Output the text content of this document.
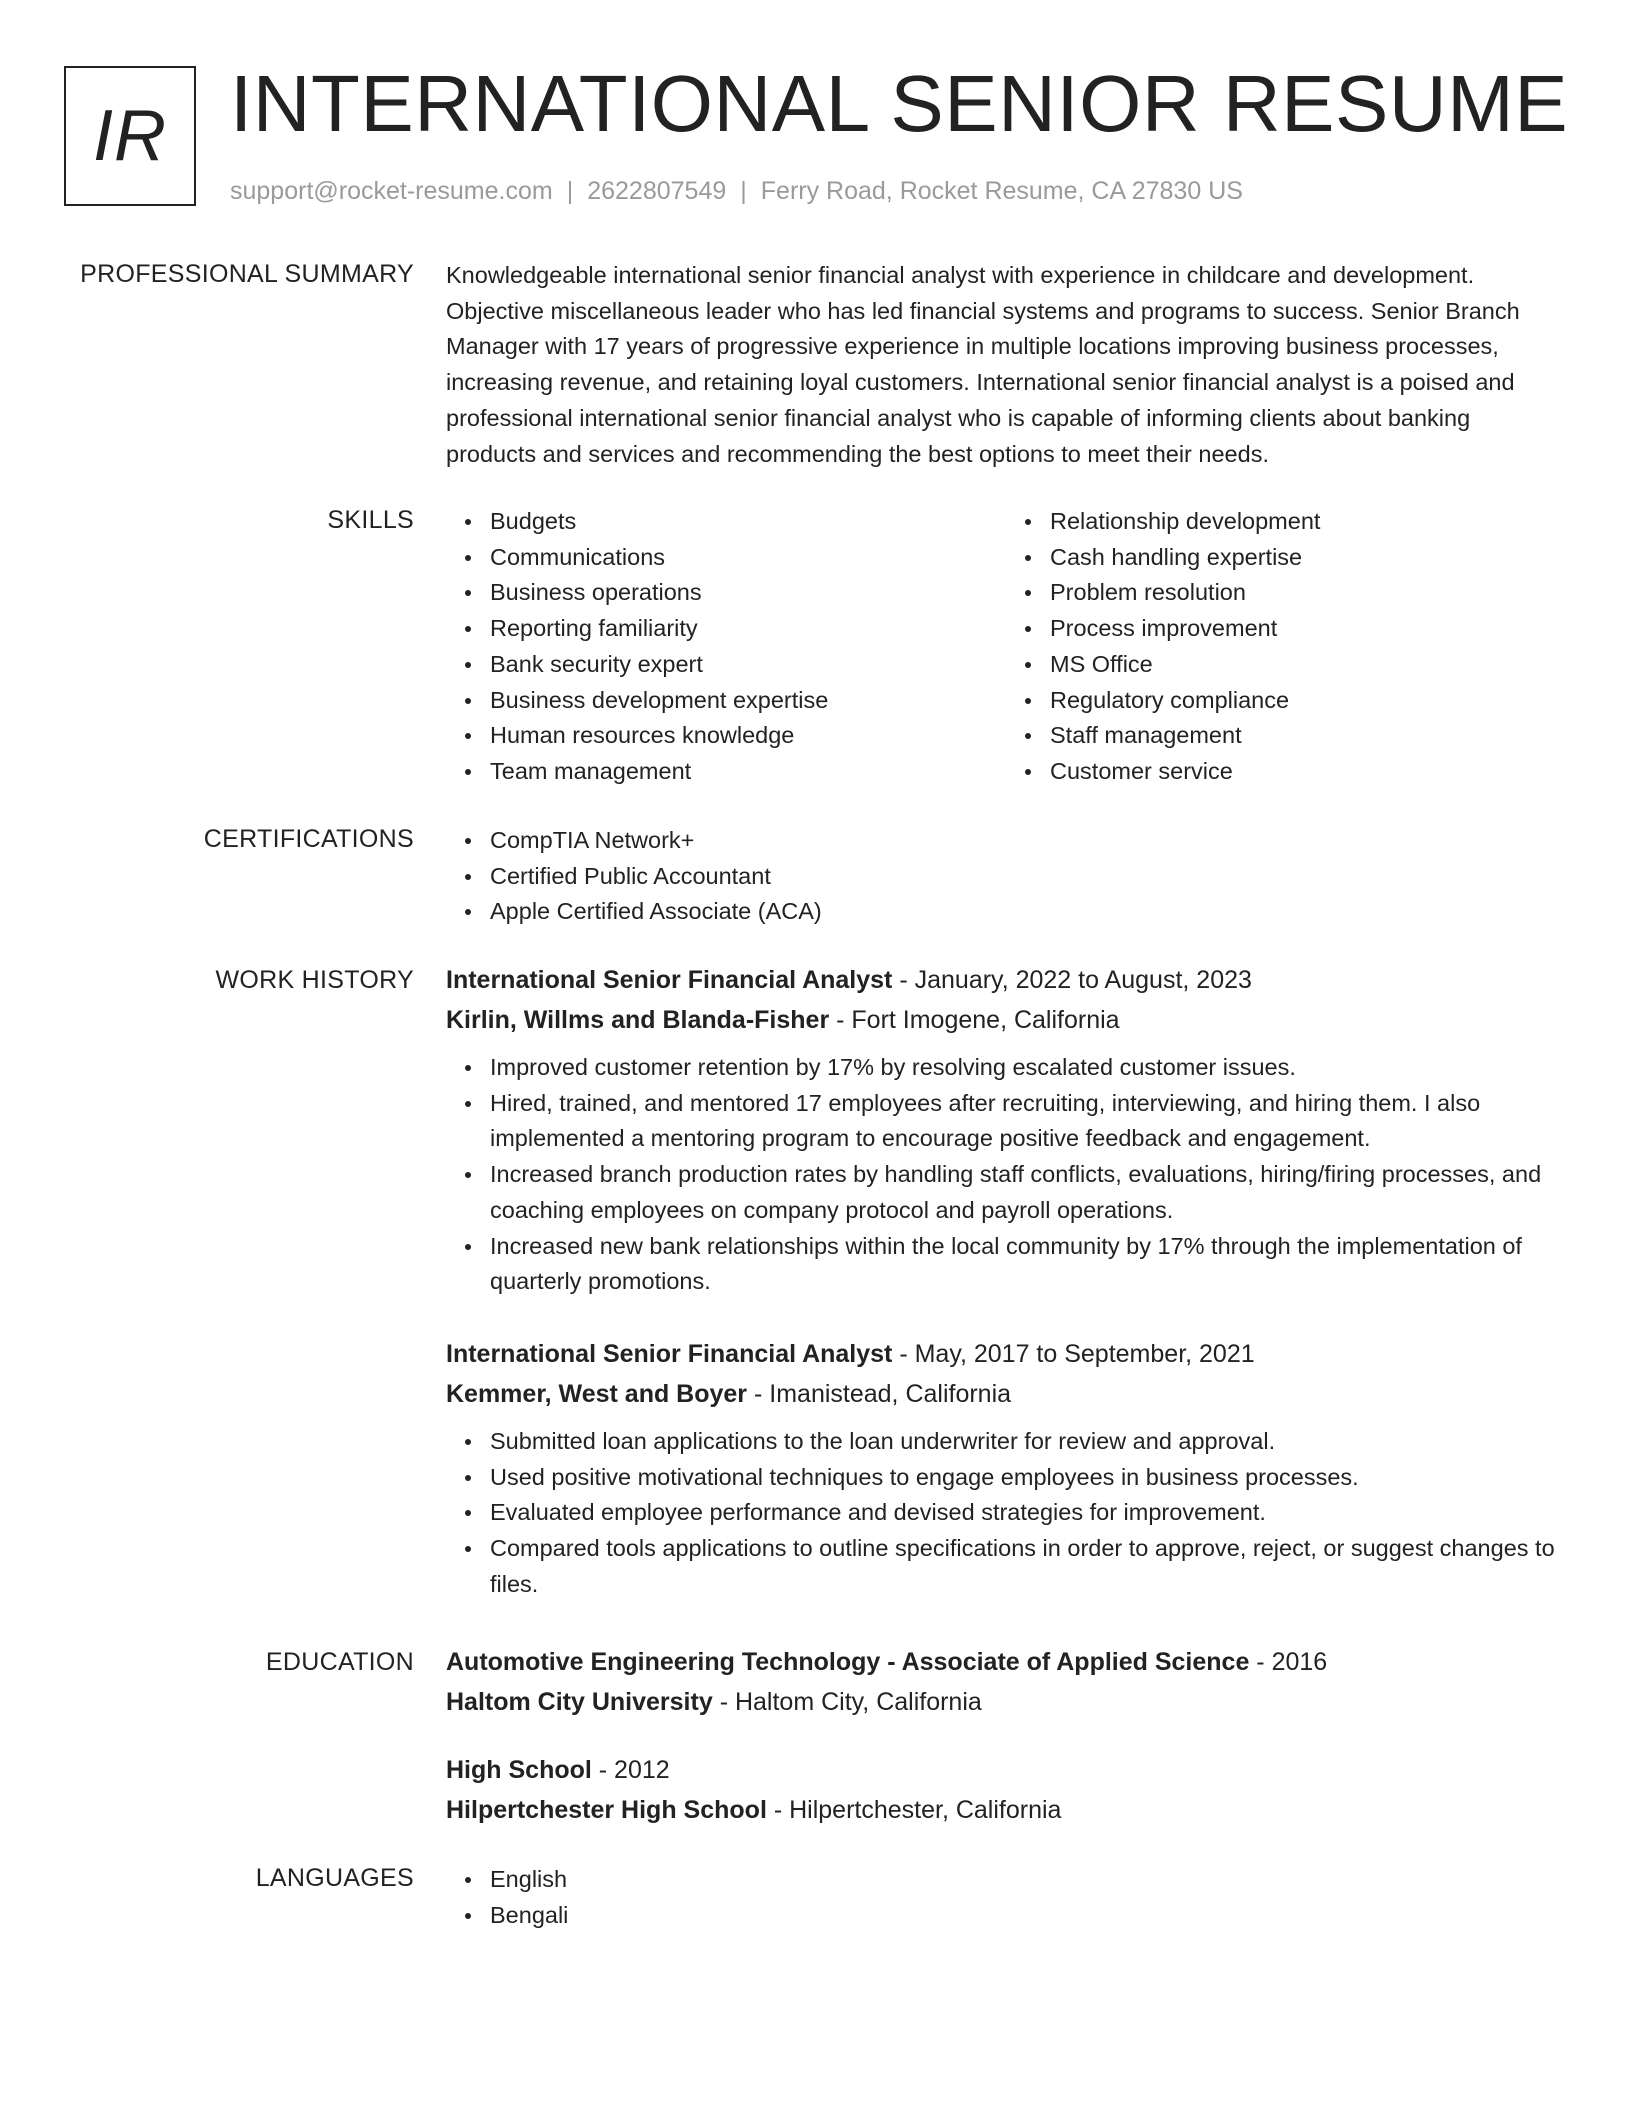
IR INTERNATIONAL SENIOR RESUME
support@rocket-resume.com | 2622807549 | Ferry Road, Rocket Resume, CA 27830 US
PROFESSIONAL SUMMARY Knowledgeable international senior financial analyst with experience in childcare and development. Objective miscellaneous leader who has led financial systems and programs to success. Senior Branch Manager with 17 years of progressive experience in multiple locations improving business processes, increasing revenue, and retaining loyal customers. International senior financial analyst is a poised and professional international senior financial analyst who is capable of informing clients about banking products and services and recommending the best options to meet their needs.
SKILLS	Budgets
Communications
Business operations
Reporting familiarity
Bank security expert
Business development expertise
Human resources knowledge
Team management
Relationship development
Cash handling expertise
Problem resolution
Process improvement
MS Office
Regulatory compliance
Staff management
Customer service
CERTIFICATIONS	CompTIA Network+
Certified Public Accountant
Apple Certified Associate (ACA)
WORK HISTORY International Senior Financial Analyst - January, 2022 to August, 2023
Kirlin, Willms and Blanda-Fisher - Fort Imogene, California
Improved customer retention by 17% by resolving escalated customer issues.
Hired, trained, and mentored 17 employees after recruiting, interviewing, and hiring them. I also implemented a mentoring program to encourage positive feedback and engagement.
Increased branch production rates by handling staff conflicts, evaluations, hiring/firing processes, and coaching employees on company protocol and payroll operations.
Increased new bank relationships within the local community by 17% through the implementation of quarterly promotions.
International Senior Financial Analyst - May, 2017 to September, 2021
Kemmer, West and Boyer - Imanistead, California
Submitted loan applications to the loan underwriter for review and approval.
Used positive motivational techniques to engage employees in business processes.
Evaluated employee performance and devised strategies for improvement.
Compared tools applications to outline specifications in order to approve, reject, or suggest changes to files.
EDUCATION Automotive Engineering Technology - Associate of Applied Science - 2016
Haltom City University - Haltom City, California
High School - 2012
Hilpertchester High School - Hilpertchester, California
LANGUAGES	English
Bengali
